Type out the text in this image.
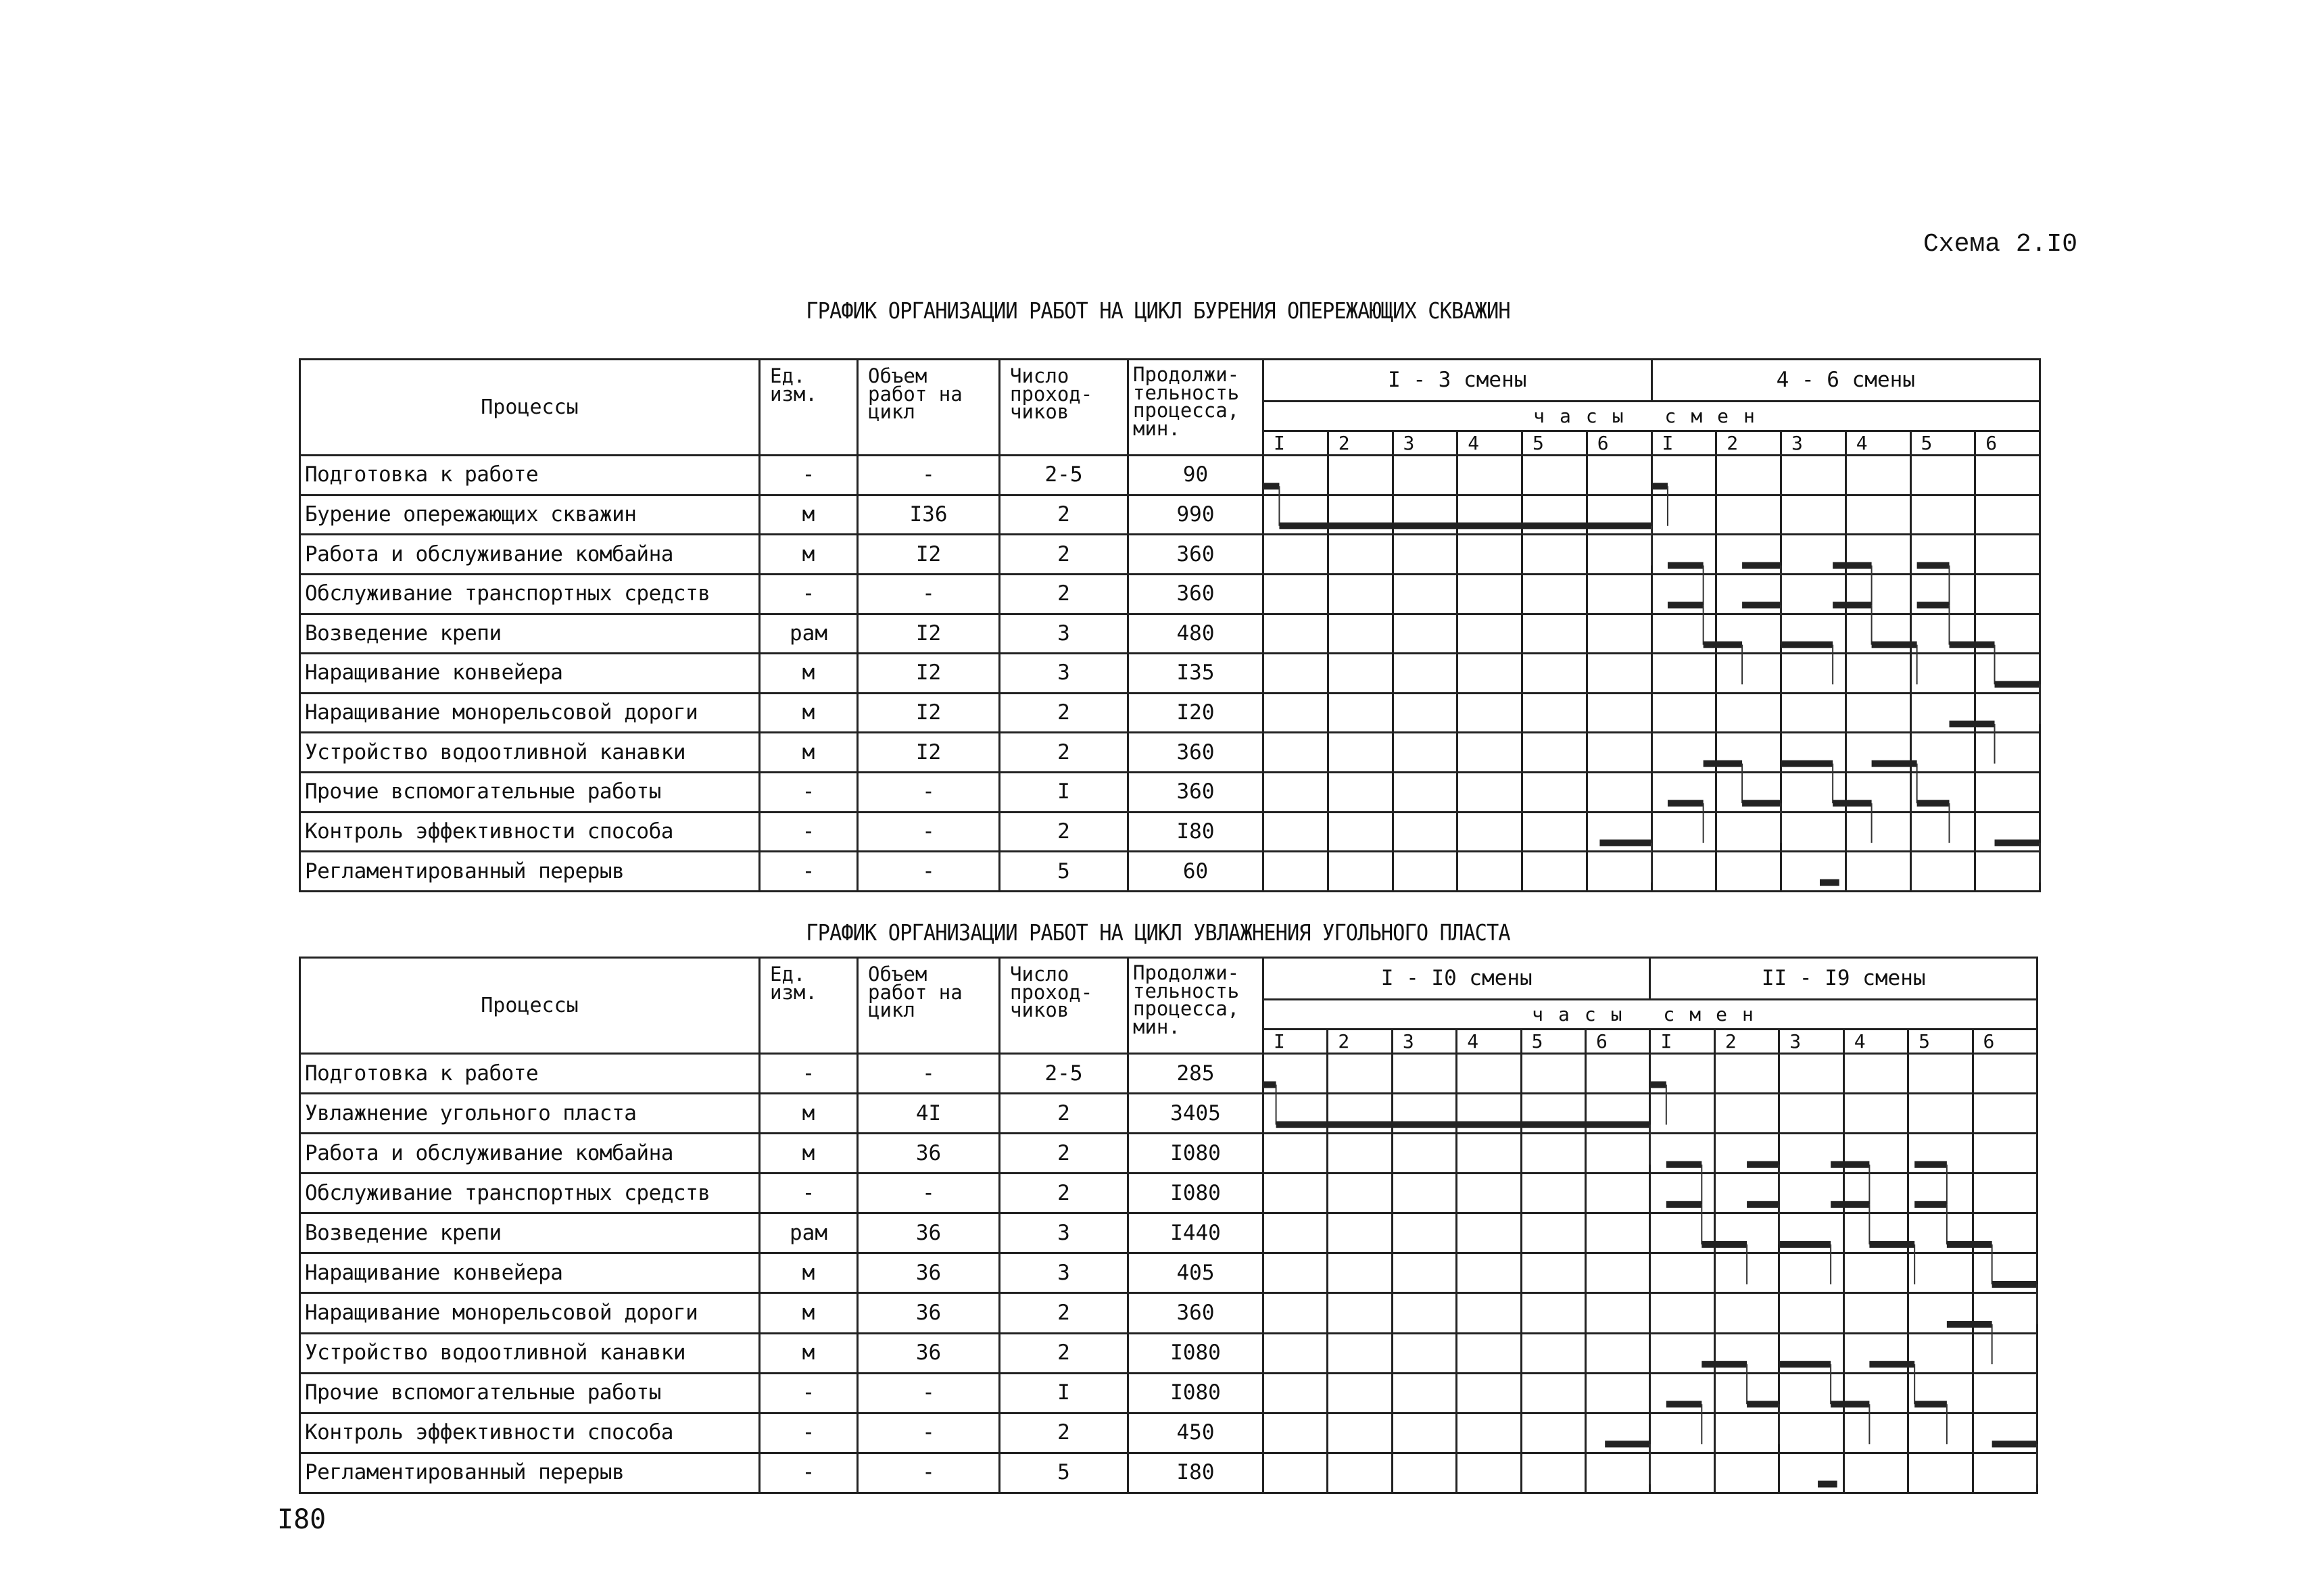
Схема 2.I0
ГРАФИК ОРГАНИЗАЦИИ РАБОТ НА ЦИКЛ БУРЕНИЯ ОПЕРЕЖАЮЩИХ СКВАЖИН
Процессы	Ед. изм.	Объем работ на цикл	Число проход- чиков	Продолжи- тельность процесса, мин.	I - 3 смены						4 - 6 смены					
					часы смен											
					I	2	3	4	5	6	I	2	3	4	5	6
Подготовка к работе	-	-	2-5	90												
Бурение опережающих скважин	м	I36	2	990												
Работа и обслуживание комбайна	м	I2	2	360												
Обслуживание транспортных средств	-	-	2	360												
Возведение крепи	рам	I2	3	480												
Наращивание конвейера	м	I2	3	I35												
Наращивание монорельсовой дороги	м	I2	2	I20												
Устройство водоотливной канавки	м	I2	2	360												
Прочие вспомогательные работы	-	-	I	360												
Контроль эффективности способа	-	-	2	I80												
Регламентированный перерыв	-	-	5	60												
ГРАФИК ОРГАНИЗАЦИИ РАБОТ НА ЦИКЛ УВЛАЖНЕНИЯ УГОЛЬНОГО ПЛАСТА
Процессы	Ед. изм.	Объем работ на цикл	Число проход- чиков	Продолжи- тельность процесса, мин.	I - I0 смены						II - I9 смены					
					часы смен											
					I	2	3	4	5	6	I	2	3	4	5	6
Подготовка к работе	-	-	2-5	285												
Увлажнение угольного пласта	м	4I	2	3405												
Работа и обслуживание комбайна	м	36	2	I080												
Обслуживание транспортных средств	-	-	2	I080												
Возведение крепи	рам	36	3	I440												
Наращивание конвейера	м	36	3	405												
Наращивание монорельсовой дороги	м	36	2	360												
Устройство водоотливной канавки	м	36	2	I080												
Прочие вспомогательные работы	-	-	I	I080												
Контроль эффективности способа	-	-	2	450												
Регламентированный перерыв	-	-	5	I80												
I80
